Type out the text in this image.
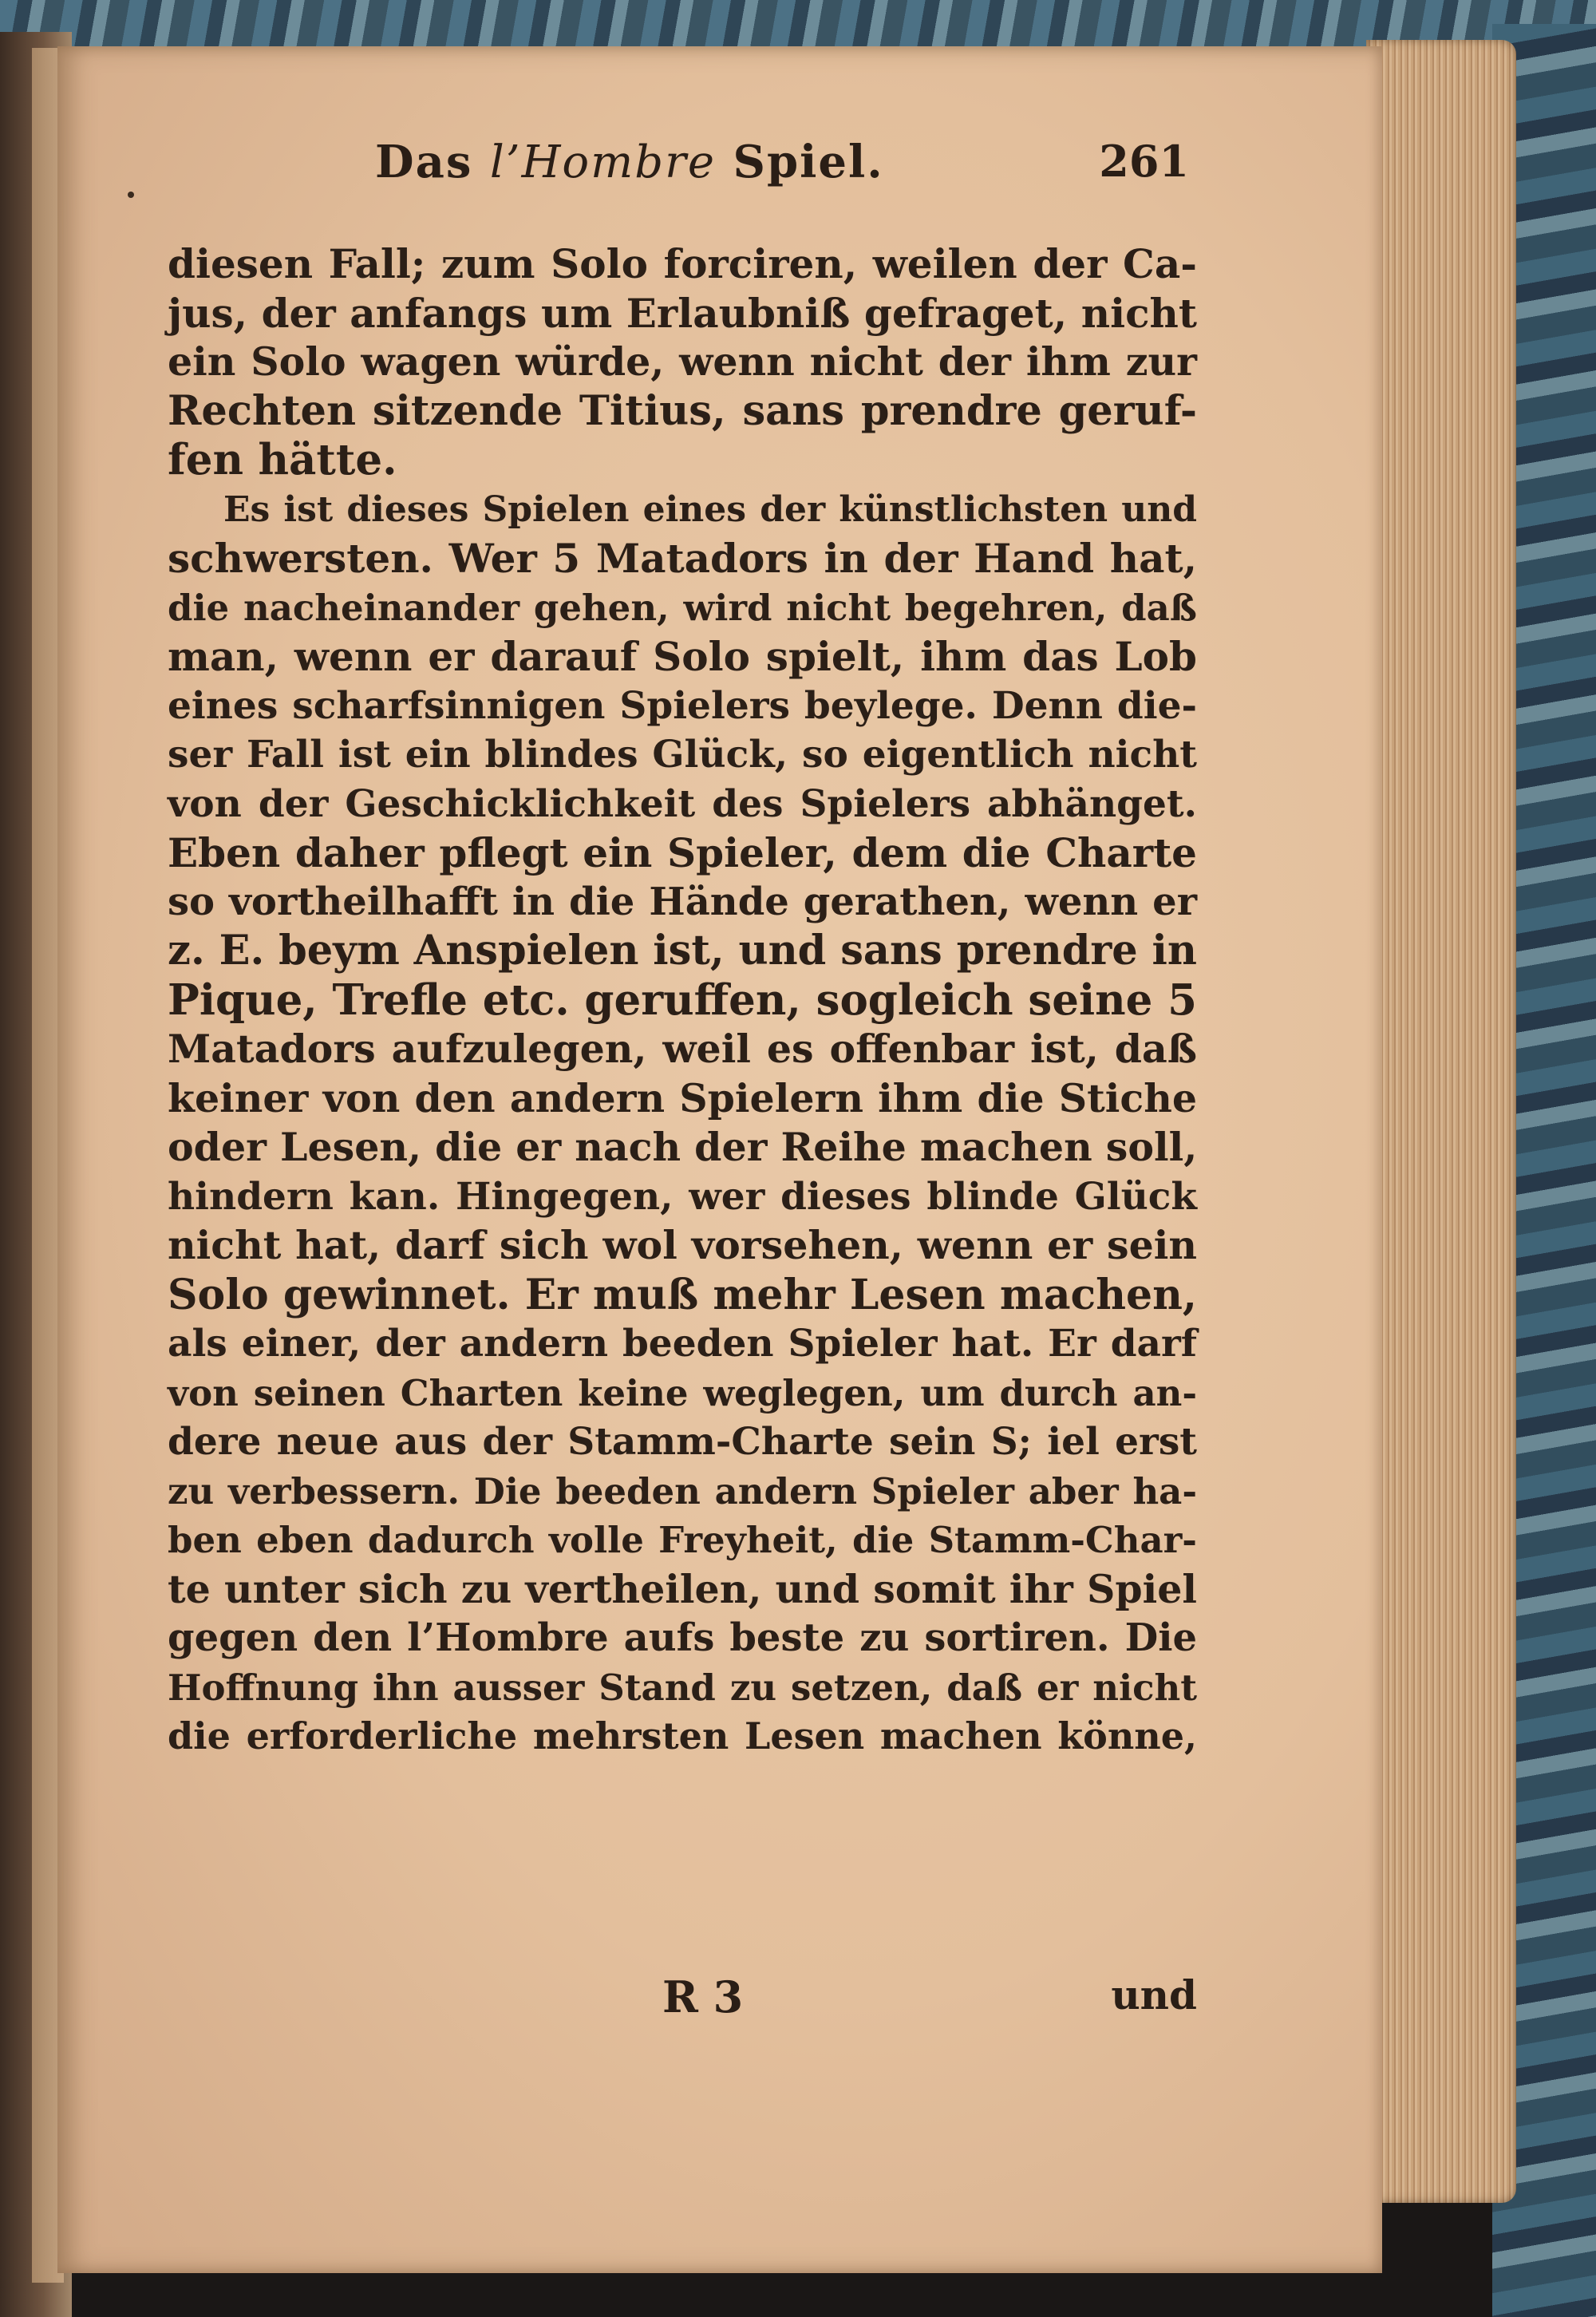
Das l’Hombre Spiel.	261
diesen Fall; zum Solo forciren, weilen der Ca-
jus, der anfangs um Erlaubniß gefraget, nicht
ein Solo wagen würde, wenn nicht der ihm zur
Rechten sitzende Titius, sans prendre geruf-
fen hätte.
Es ist dieses Spielen eines der künstlichsten und
schwersten. Wer 5 Matadors in der Hand hat,
die nacheinander gehen, wird nicht begehren, daß
man, wenn er darauf Solo spielt, ihm das Lob
eines scharfsinnigen Spielers beylege. Denn die-
ser Fall ist ein blindes Glück, so eigentlich nicht
von der Geschicklichkeit des Spielers abhänget.
Eben daher pflegt ein Spieler, dem die Charte
so vortheilhafft in die Hände gerathen, wenn er
z. E. beym Anspielen ist, und sans prendre in
Pique, Trefle etc. geruffen, sogleich seine 5
Matadors aufzulegen, weil es offenbar ist, daß
keiner von den andern Spielern ihm die Stiche
oder Lesen, die er nach der Reihe machen soll,
hindern kan. Hingegen, wer dieses blinde Glück
nicht hat, darf sich wol vorsehen, wenn er sein
Solo gewinnet. Er muß mehr Lesen machen,
als einer, der andern beeden Spieler hat. Er darf
von seinen Charten keine weglegen, um durch an-
dere neue aus der Stamm-Charte sein S; iel erst
zu verbessern. Die beeden andern Spieler aber ha-
ben eben dadurch volle Freyheit, die Stamm-Char-
te unter sich zu vertheilen, und somit ihr Spiel
gegen den l’Hombre aufs beste zu sortiren. Die
Hoffnung ihn ausser Stand zu setzen, daß er nicht
die erforderliche mehrsten Lesen machen könne,
R 3	und
